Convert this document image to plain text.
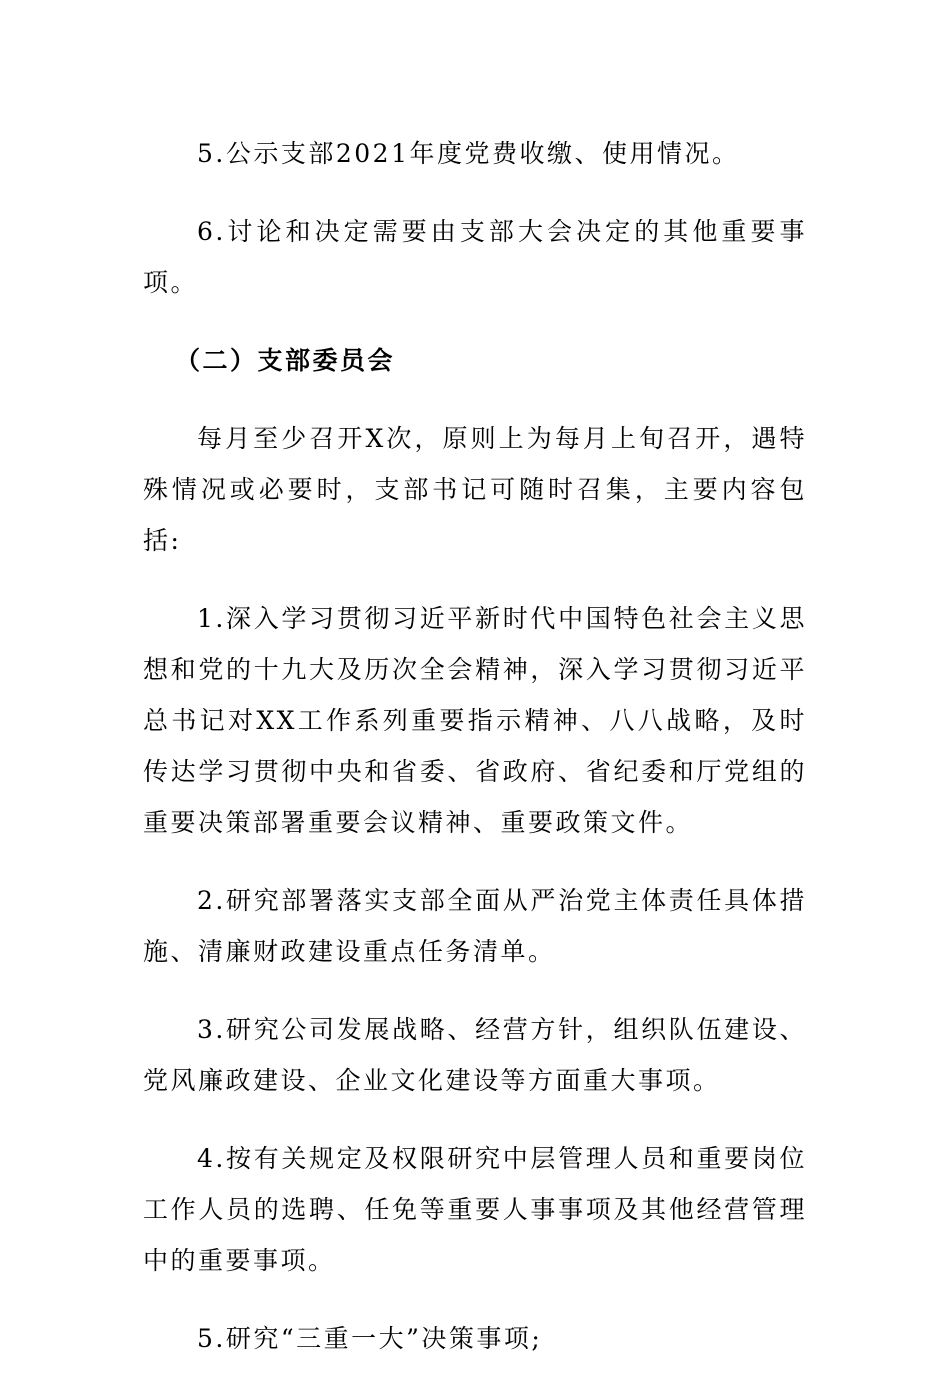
5.公示支部2021年度党费收缴、使用情况。

6.讨论和决定需要由支部大会决定的其他重要事项。

（二）支部委员会

每月至少召开X次，原则上为每月上旬召开，遇特殊情况或必要时，支部书记可随时召集，主要内容包括:

1.深入学习贯彻习近平新时代中国特色社会主义思想和党的十九大及历次全会精神，深入学习贯彻习近平总书记对XX工作系列重要指示精神、八八战略，及时传达学习贯彻中央和省委、省政府、省纪委和厅党组的重要决策部署重要会议精神、重要政策文件。

2.研究部署落实支部全面从严治党主体责任具体措施、清廉财政建设重点任务清单。

3.研究公司发展战略、经营方针，组织队伍建设、党风廉政建设、企业文化建设等方面重大事项。

4.按有关规定及权限研究中层管理人员和重要岗位工作人员的选聘、任免等重要人事事项及其他经营管理中的重要事项。

5.研究“三重一大”决策事项;
